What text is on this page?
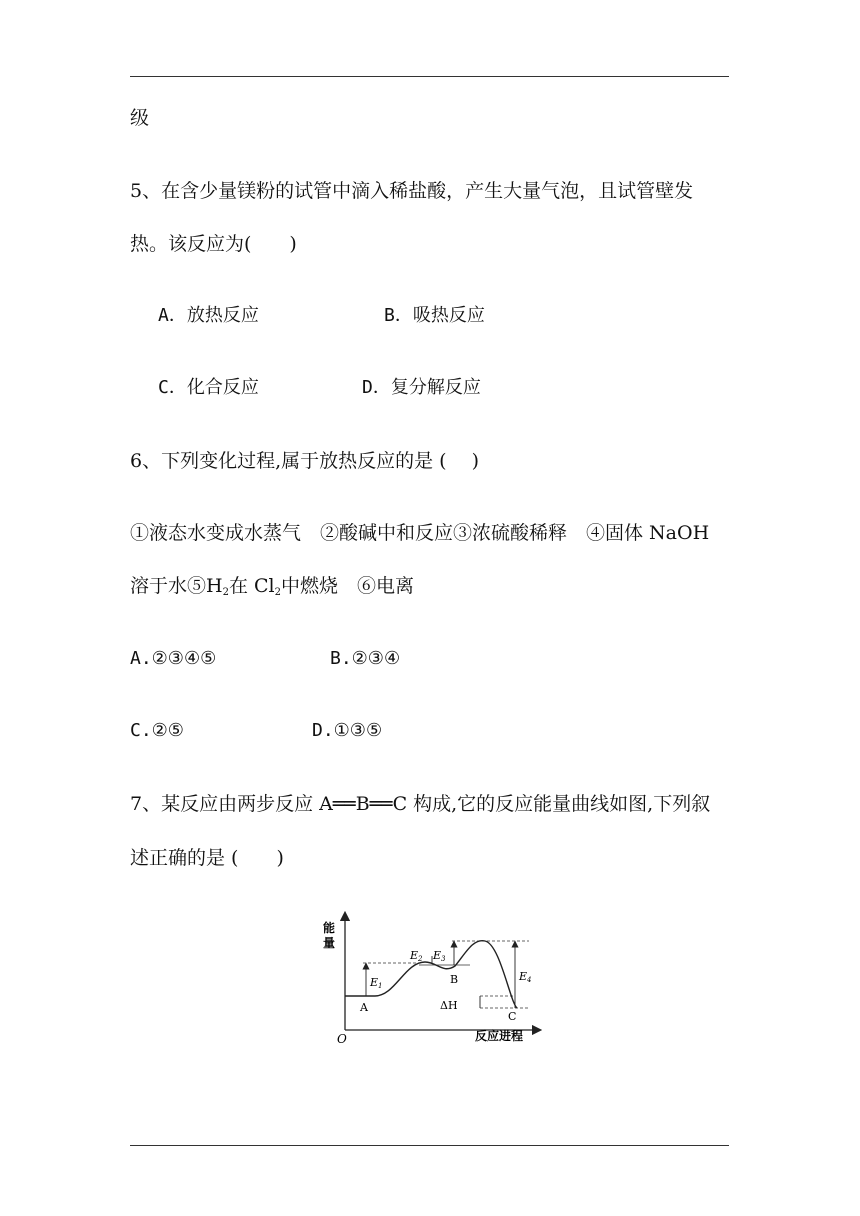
级
5、在含少量镁粉的试管中滴入稀盐酸，产生大量气泡，且试管壁发
热。该反应为(　　)
A．放热反应	B．吸热反应
C．化合反应	D．复分解反应
6、下列变化过程,属于放热反应的是 (　 )
①液态水变成水蒸气　②酸碱中和反应③浓硫酸稀释　④固体 NaOH
溶于水$⑤H_2$在 $Cl_2$中燃烧　⑥电离
A.②③④⑤	B.②③④
C.②⑤	D.①③⑤
7、某反应由两步反应 A══B══C 构成,它的反应能量曲线如图,下列叙
述正确的是 (　　)
能
量
O	反应进程
E1
E2 E3
E4
ΔH
A
B
C
